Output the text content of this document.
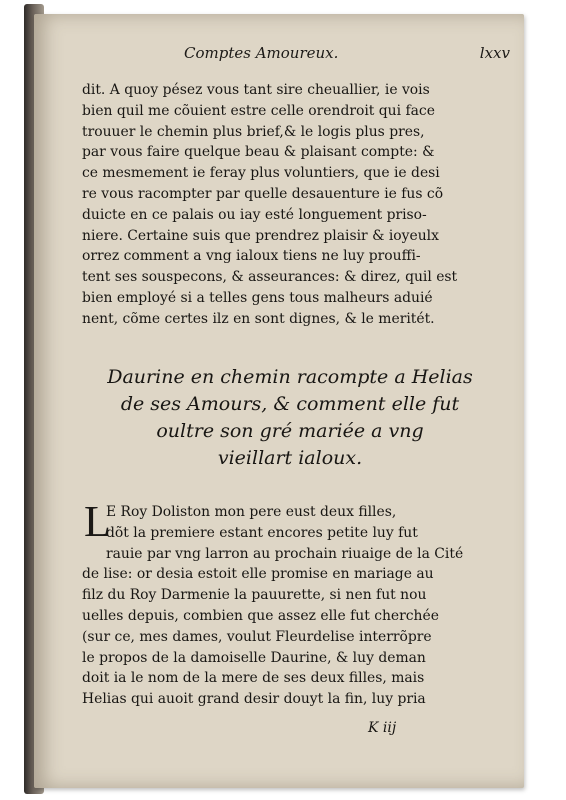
Comptes Amoureux.	lxxv
dit. A quoy pésez vous tant sire cheuallier, ie vois
bien quil me cõuient estre celle orendroit qui face
trouuer le chemin plus brief,& le logis plus pres,
par vous faire quelque beau & plaisant compte: &
ce mesmement ie feray plus voluntiers, que ie desi
re vous racompter par quelle desauenture ie fus cõ
duicte en ce palais ou iay esté longuement priso-
niere. Certaine suis que prendrez plaisir & ioyeulx
orrez comment a vng ialoux tiens ne luy prouffi-
tent ses souspecons, & asseurances: & direz, quil est
bien employé si a telles gens tous malheurs aduié
nent, cõme certes ilz en sont dignes, & le meritét.
Daurine en chemin racompte a Helias
de ses Amours, & comment elle fut
oultre son gré mariée a vng
vieillart ialoux.
L
E Roy Doliston mon pere eust deux filles,
dõt la premiere estant encores petite luy fut
rauie par vng larron au prochain riuaige de la Cité
de lise: or desia estoit elle promise en mariage au
filz du Roy Darmenie la pauurette, si nen fut nou
uelles depuis, combien que assez elle fut cherchée
(sur ce, mes dames, voulut Fleurdelise interrõpre
le propos de la damoiselle Daurine, & luy deman
doit ia le nom de la mere de ses deux filles, mais
Helias qui auoit grand desir douyt la fin, luy pria
K iij
